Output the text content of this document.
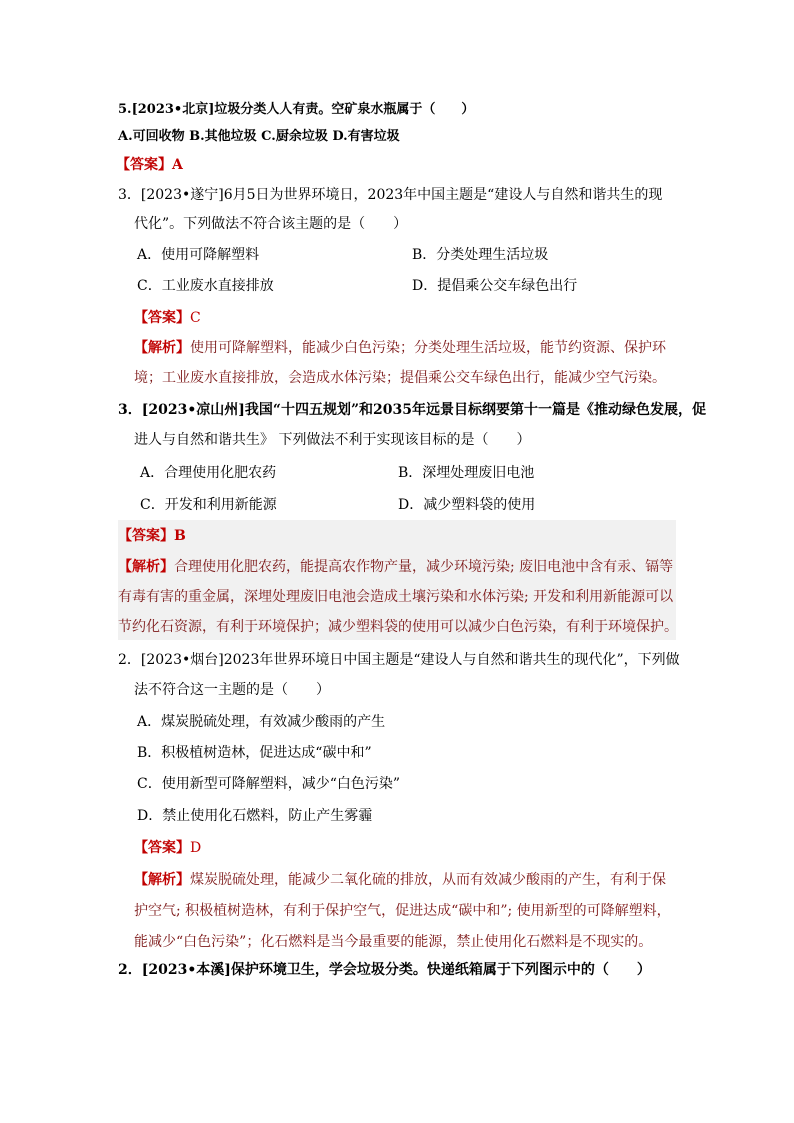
5.[2023•北京]垃圾分类人人有责。空矿泉水瓶属于（　　）
A.可回收物 B.其他垃圾 C.厨余垃圾 D.有害垃圾
【答案】A
3．[2023•遂宁]6月5日为世界环境日，2023年中国主题是“建设人与自然和谐共生的现
代化”。下列做法不符合该主题的是（　　）
A．使用可降解塑料	B．分类处理生活垃圾
C．工业废水直接排放	D．提倡乘公交车绿色出行
【答案】C
【解析】使用可降解塑料，能减少白色污染；分类处理生活垃圾，能节约资源、保护环
境；工业废水直接排放，会造成水体污染；提倡乘公交车绿色出行，能减少空气污染。
3．[2023•凉山州]我国“十四五规划”和2035年远景目标纲要第十一篇是《推动绿色发展，促
进人与自然和谐共生》 下列做法不利于实现该目标的是（　　）
A．合理使用化肥农药	B．深埋处理废旧电池
C．开发和利用新能源	D．减少塑料袋的使用
【答案】B
【解析】合理使用化肥农药，能提高农作物产量，减少环境污染; 废旧电池中含有汞、镉等
有毒有害的重金属，深埋处理废旧电池会造成土壤污染和水体污染; 开发和利用新能源可以
节约化石资源，有利于环境保护；减少塑料袋的使用可以减少白色污染，有利于环境保护。
2．[2023•烟台]2023年世界环境日中国主题是“建设人与自然和谐共生的现代化”，下列做
法不符合这一主题的是（　　）
A．煤炭脱硫处理，有效减少酸雨的产生
B．积极植树造林，促进达成“碳中和”
C．使用新型可降解塑料，减少“白色污染”
D．禁止使用化石燃料，防止产生雾霾
【答案】D
【解析】煤炭脱硫处理，能减少二氧化硫的排放，从而有效减少酸雨的产生，有利于保
护空气; 积极植树造林，有利于保护空气，促进达成“碳中和”; 使用新型的可降解塑料，
能减少“白色污染”；化石燃料是当今最重要的能源，禁止使用化石燃料是不现实的。
2．[2023•本溪]保护环境卫生，学会垃圾分类。快递纸箱属于下列图示中的（　　）
